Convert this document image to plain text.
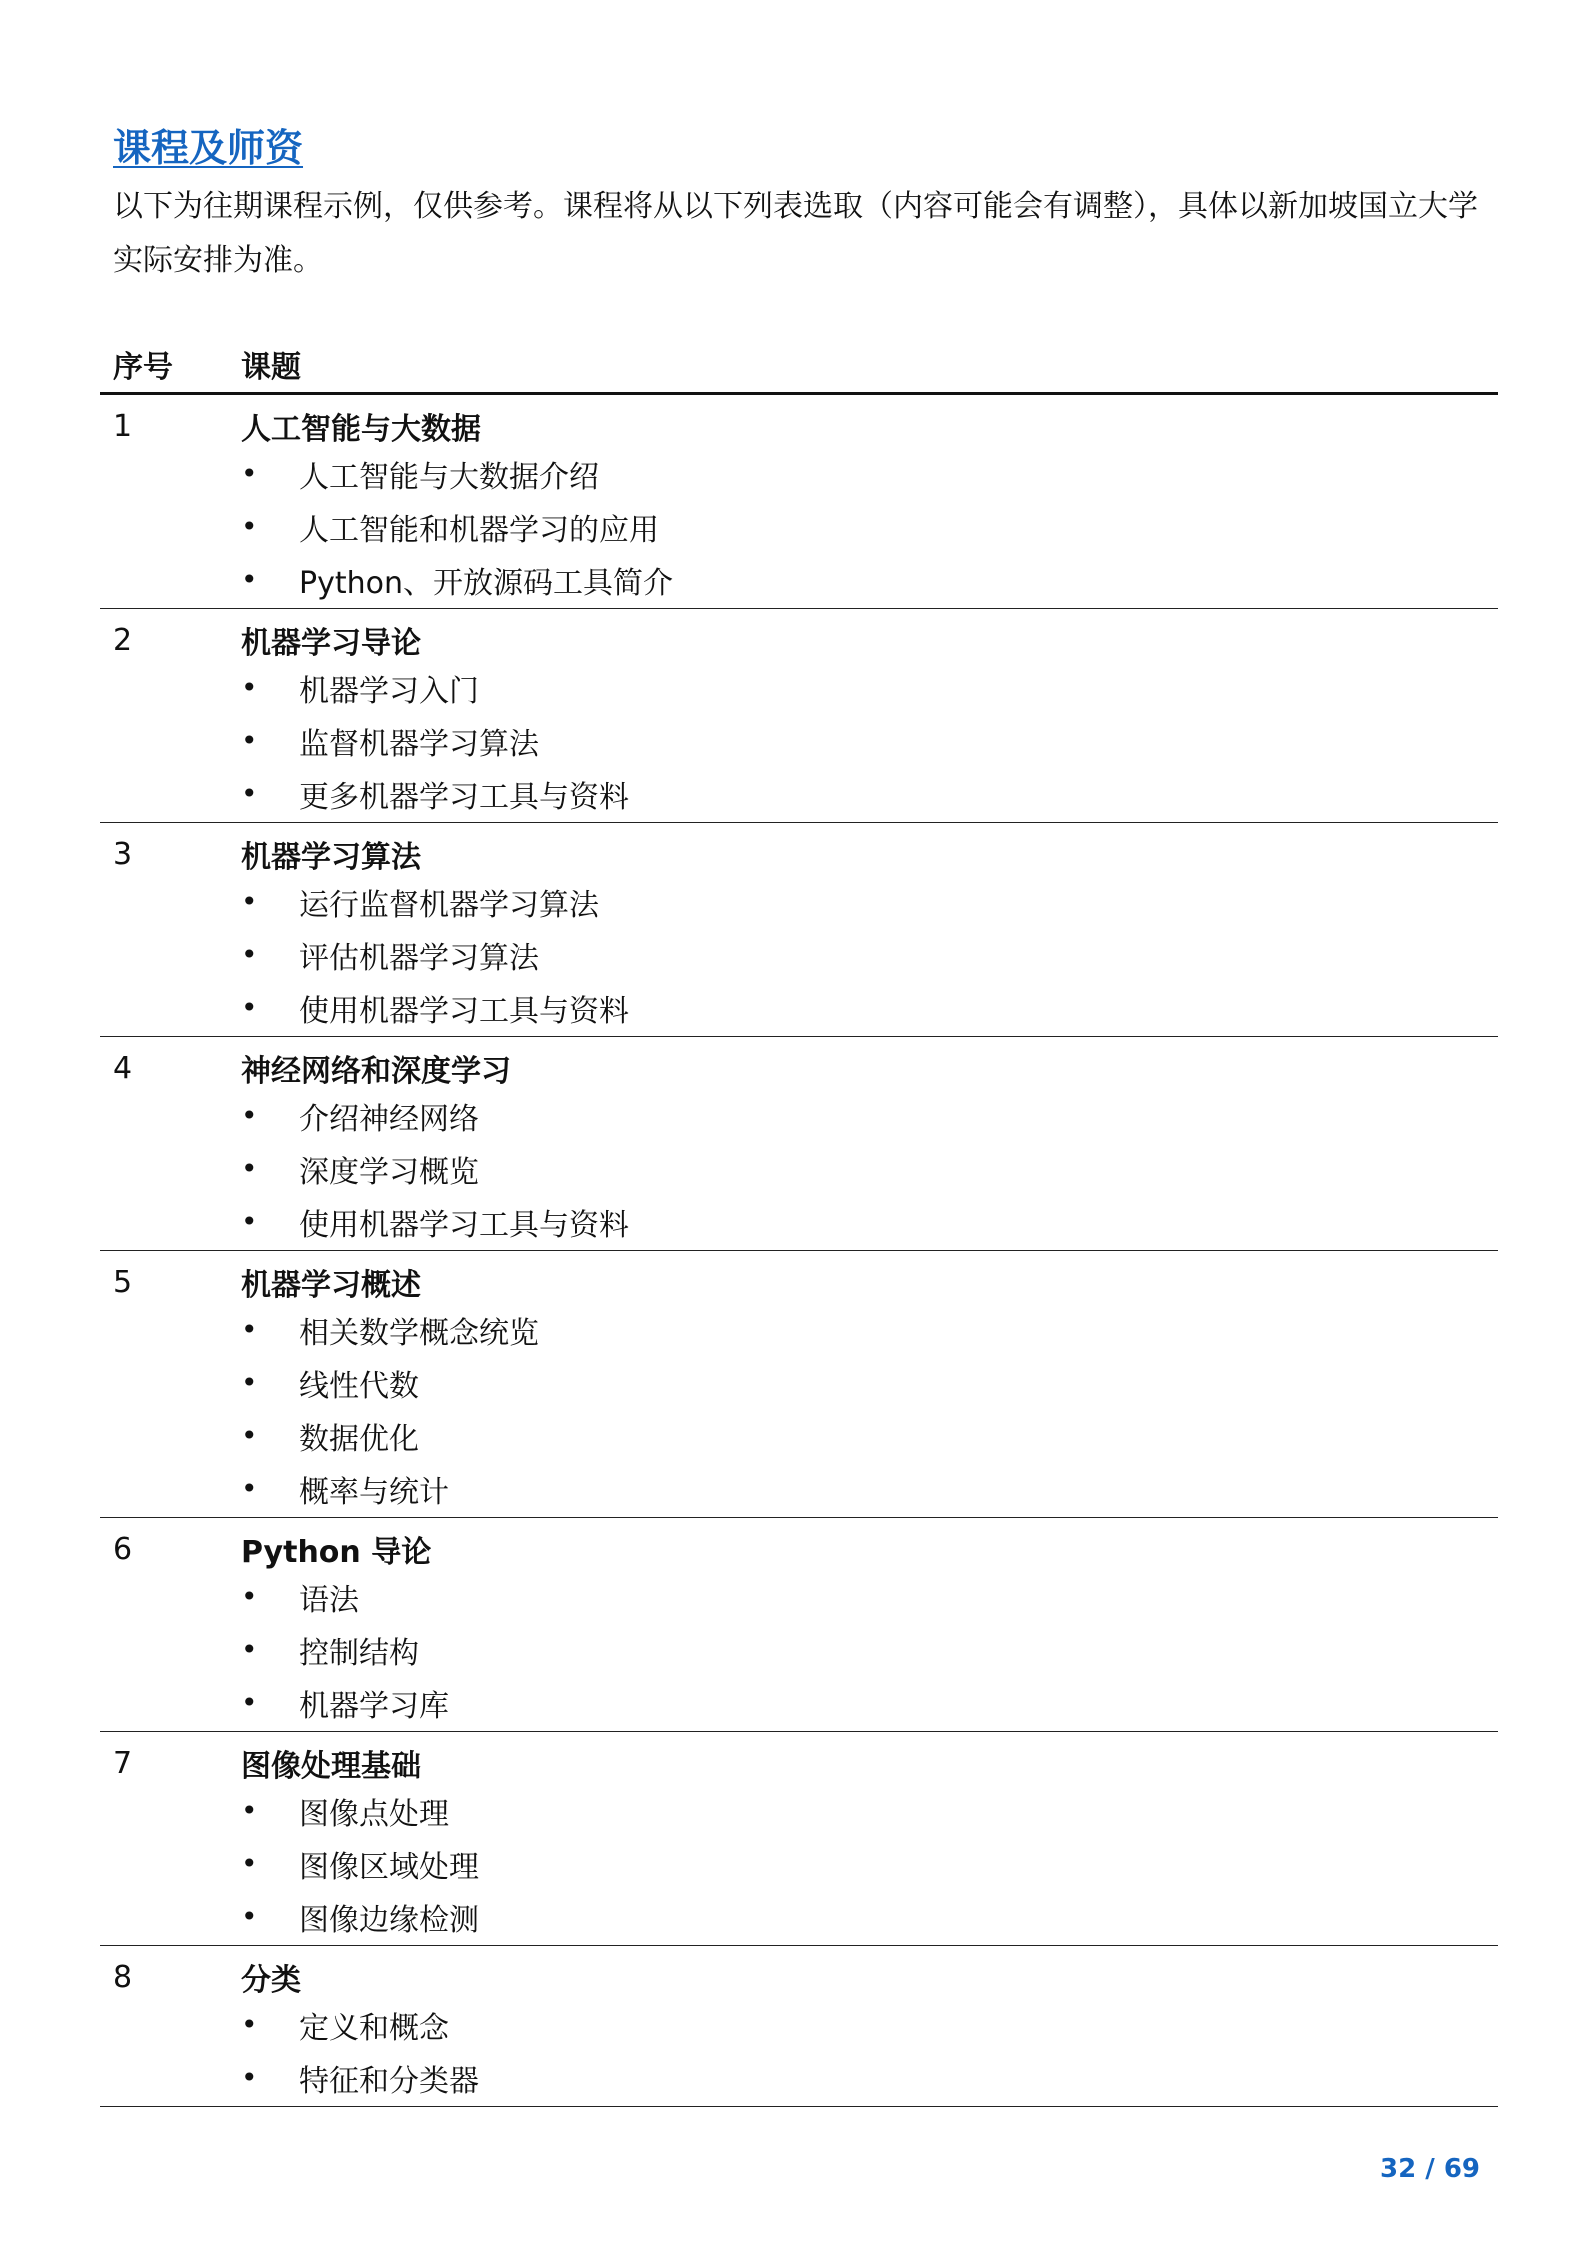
课程及师资

以下为往期课程示例，仅供参考。课程将从以下列表选取（内容可能会有调整），具体以新加坡国立大学实际安排为准。

序号	课题
1	人工智能与大数据
•	人工智能与大数据介绍
•	人工智能和机器学习的应用
•	Python、开放源码工具简介
2	机器学习导论
•	机器学习入门
•	监督机器学习算法
•	更多机器学习工具与资料
3	机器学习算法
•	运行监督机器学习算法
•	评估机器学习算法
•	使用机器学习工具与资料
4	神经网络和深度学习
•	介绍神经网络
•	深度学习概览
•	使用机器学习工具与资料
5	机器学习概述
•	相关数学概念统览
•	线性代数
•	数据优化
•	概率与统计
6	Python 导论
•	语法
•	控制结构
•	机器学习库
7	图像处理基础
•	图像点处理
•	图像区域处理
•	图像边缘检测
8	分类
•	定义和概念
•	特征和分类器
32 / 69
